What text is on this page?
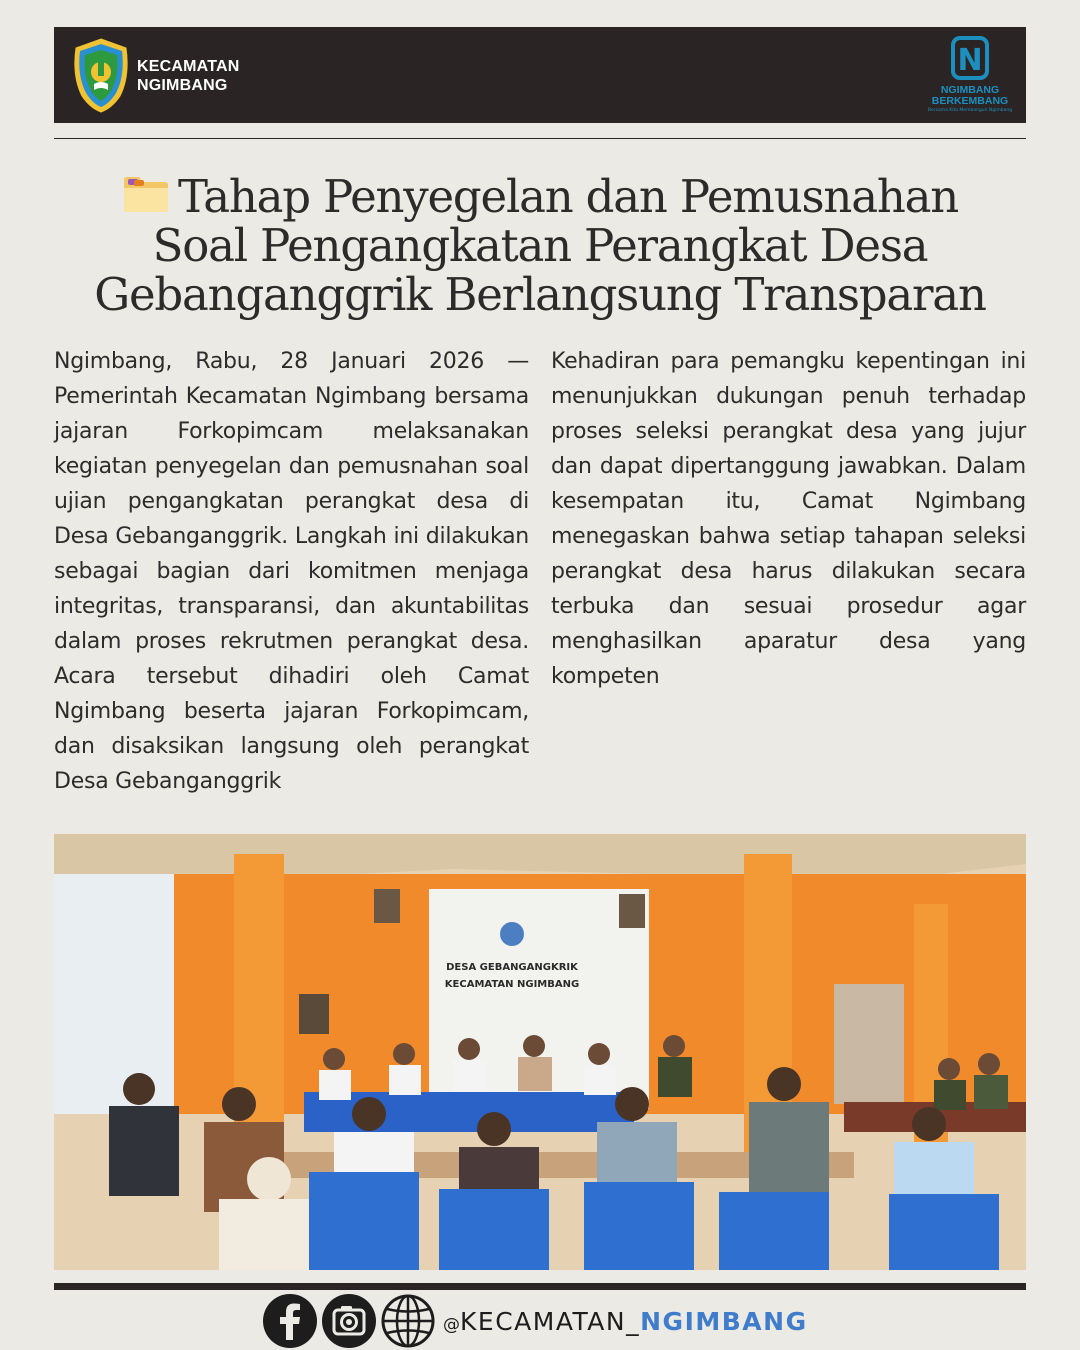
KECAMATAN
NGIMBANG
N
NGIMBANG
BERKEMBANG
Bersama Kita Membangun Ngimbang
Tahap Penyegelan dan Pemusnahan
Soal Pengangkatan Perangkat Desa
Gebanganggrik Berlangsung Transparan
Ngimbang, Rabu, 28 Januari 2026 — Pemerintah Kecamatan Ngimbang bersama jajaran Forkopimcam melaksanakan kegiatan penyegelan dan pemusnahan soal ujian pengangkatan perangkat desa di Desa Gebanganggrik. Langkah ini dilakukan sebagai bagian dari komitmen menjaga integritas, transparansi, dan akuntabilitas dalam proses rekrutmen perangkat desa. Acara tersebut dihadiri oleh Camat Ngimbang beserta jajaran Forkopimcam, dan disaksikan langsung oleh perangkat Desa Gebanganggrik
Kehadiran para pemangku kepentingan ini menunjukkan dukungan penuh terhadap proses seleksi perangkat desa yang jujur dan dapat dipertanggung jawabkan. Dalam kesempatan itu, Camat Ngimbang menegaskan bahwa setiap tahapan seleksi perangkat desa harus dilakukan secara terbuka dan sesuai prosedur agar menghasilkan aparatur desa yang kompeten
DESA GEBANGANGKRIK
KECAMATAN NGIMBANG
@KECAMATAN_NGIMBANG
